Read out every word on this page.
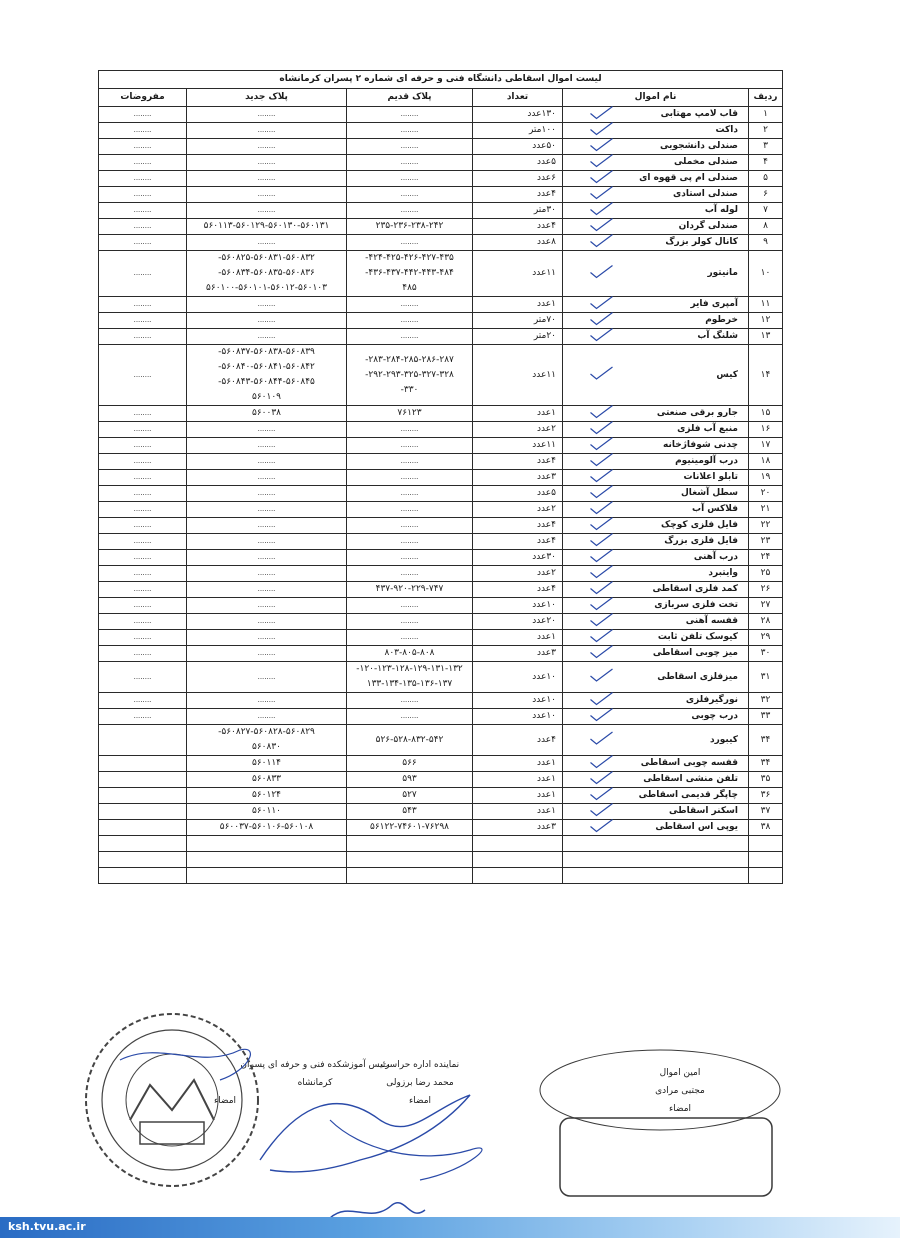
لیست اموال اسقاطی دانشگاه فنی و حرفه ای شماره ۲ پسران کرمانشاه					
ردیف	نام اموال	تعداد	پلاک قدیم	پلاک جدید	مفروضات
۱	قاب لامپ مهتابی	۱۳۰عدد	........	........	........
۲	داکت	۱۰۰متر	........	........	........
۳	صندلی دانشجویی	۵۰عدد	........	........	........
۴	صندلی مخملی	۵عدد	........	........	........
۵	صندلی ام پی قهوه ای	۶عدد	........	........	........
۶	صندلی استادی	۴عدد	........	........	........
۷	لوله آب	۳۰متر	........	........	........
۸	صندلی گردان	۴عدد	۲۳۵-۲۳۶-۲۳۸-۲۴۲	۵۶۰۱۱۳-۵۶۰۱۲۹-۵۶۰۱۳۰-۵۶۰۱۳۱	........
۹	کانال کولر بزرگ	۸عدد	........	........	........
۱۰	مانیتور	۱۱عدد	۴۲۴-۴۲۵-۴۲۶-۴۲۷-۴۳۵-
۴۳۶-۴۳۷-۴۴۲-۴۴۳-۴۸۴-
۴۸۵	۵۶۰۸۲۵-۵۶۰۸۳۱-۵۶۰۸۳۲-
۵۶۰۸۳۴-۵۶۰۸۳۵-۵۶۰۸۳۶-
۵۶۰۱۰۰-۵۶۰۱۰۱-۵۶۰۱۲-۵۶۰۱۰۳	........
۱۱	آمپری فایر	۱عدد	........	........	........
۱۲	خرطوم	۷۰متر	........	........	........
۱۳	شلنگ آب	۲۰متر	........	........	........
۱۴	کیس	۱۱عدد	۲۸۳-۲۸۴-۲۸۵-۲۸۶-۲۸۷-
۲۹۲-۲۹۳-۳۲۵-۳۲۷-۳۲۸-
۳۳۰-	۵۶۰۸۳۷-۵۶۰۸۳۸-۵۶۰۸۳۹-
۵۶۰۸۴۰-۵۶۰۸۴۱-۵۶۰۸۴۲-
۵۶۰۸۴۳-۵۶۰۸۴۴-۵۶۰۸۴۵-
۵۶۰۱۰۹	........
۱۵	جارو برقی صنعتی	۱عدد	۷۶۱۲۳	۵۶۰۰۳۸	........
۱۶	منبع آب فلزی	۲عدد	........	........	........
۱۷	چدنی شوفاژخانه	۱۱عدد	........	........	........
۱۸	درب آلومینیوم	۴عدد	........	........	........
۱۹	تابلو اعلانات	۳عدد	........	........	........
۲۰	سطل آشغال	۵عدد	........	........	........
۲۱	فلاکس آب	۲عدد	........	........	........
۲۲	فایل فلزی کوچک	۴عدد	........	........	........
۲۳	فایل فلزی بزرگ	۴عدد	........	........	........
۲۴	درب آهنی	۳۰عدد	........	........	........
۲۵	وایتبرد	۲عدد	........	........	........
۲۶	کمد فلزی اسقاطی	۴عدد	۴۳۷-۹۲۰-۲۲۹-۷۴۷	........	........
۲۷	تخت فلزی سربازی	۱۰عدد	........	........	........
۲۸	قفسه آهنی	۲۰عدد	........	........	........
۲۹	کیوسک تلفن ثابت	۱عدد	........	........	........
۳۰	میز چوبی اسقاطی	۳عدد	۸۰۳-۸۰۵-۸۰۸	........	........
۳۱	میزفلزی اسقاطی	۱۰عدد	۱۲۰-۱۲۳-۱۲۸-۱۲۹-۱۳۱-۱۳۲-
۱۳۳-۱۳۴-۱۳۵-۱۳۶-۱۳۷	........	........
۳۲	نورگیرفلزی	۱۰عدد	........	........	........
۳۳	درب چوبی	۱۰عدد	........	........	........
۳۴	کیبورد	۴عدد	۵۲۶-۵۲۸-۸۳۲-۵۴۲	۵۶۰۸۲۷-۵۶۰۸۲۸-۵۶۰۸۲۹-
۵۶۰۸۳۰	
۳۴	قفسه چوبی اسقاطی	۱عدد	۵۶۶	۵۶۰۱۱۴	
۳۵	تلفن منشی اسقاطی	۱عدد	۵۹۳	۵۶۰۸۳۳	
۳۶	چاپگر قدیمی اسقاطی	۱عدد	۵۲۷	۵۶۰۱۲۴	
۳۷	اسکنر اسقاطی	۱عدد	۵۴۳	۵۶۰۱۱۰	
۳۸	یوپی اس اسقاطی	۳عدد	۵۶۱۲۲-۷۴۶۰۱-۷۶۲۹۸	۵۶۰۰۳۷-۵۶۰۱۰۶-۵۶۰۱۰۸	

رئیس آموزشکده فنی و حرفه ای پسران کرمانشاه
امضاء
نماینده اداره حراست
محمد رضا برزولی
امضاء
امین اموال
مجتبی مرادی
امضاء
ksh.tvu.ac.ir
